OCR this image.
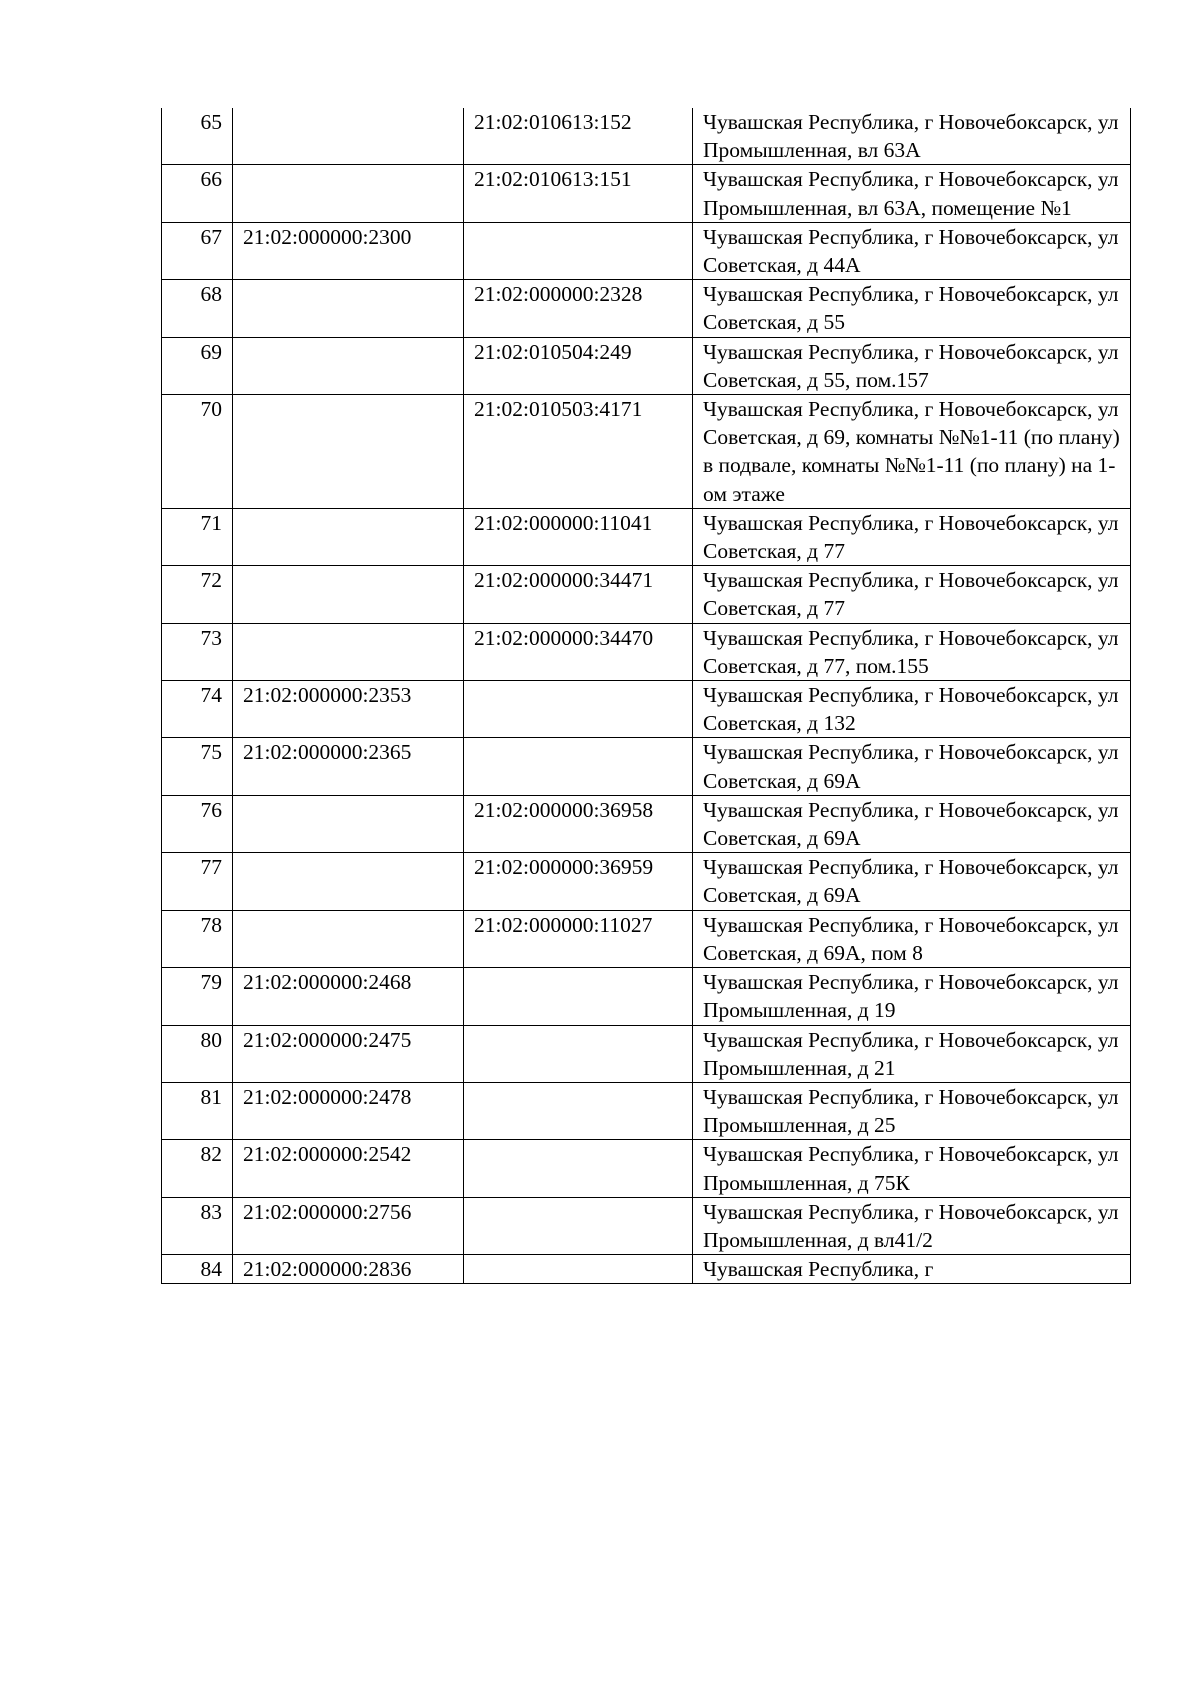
65		21:02:010613:152	Чувашская Республика, г Новочебоксарск, ул Промышленная, вл 63А
66		21:02:010613:151	Чувашская Республика, г Новочебоксарск, ул Промышленная, вл 63А, помещение №1
67	21:02:000000:2300		Чувашская Республика, г Новочебоксарск, ул Советская, д 44А
68		21:02:000000:2328	Чувашская Республика, г Новочебоксарск, ул Советская, д 55
69		21:02:010504:249	Чувашская Республика, г Новочебоксарск, ул Советская, д 55, пом.157
70		21:02:010503:4171	Чувашская Республика, г Новочебоксарск, ул Советская, д 69, комнаты №№1-11 (по плану) в подвале, комнаты №№1-11 (по плану) на 1-ом этаже
71		21:02:000000:11041	Чувашская Республика, г Новочебоксарск, ул Советская, д 77
72		21:02:000000:34471	Чувашская Республика, г Новочебоксарск, ул Советская, д 77
73		21:02:000000:34470	Чувашская Республика, г Новочебоксарск, ул Советская, д 77, пом.155
74	21:02:000000:2353		Чувашская Республика, г Новочебоксарск, ул Советская, д 132
75	21:02:000000:2365		Чувашская Республика, г Новочебоксарск, ул Советская, д 69А
76		21:02:000000:36958	Чувашская Республика, г Новочебоксарск, ул Советская, д 69А
77		21:02:000000:36959	Чувашская Республика, г Новочебоксарск, ул Советская, д 69А
78		21:02:000000:11027	Чувашская Республика, г Новочебоксарск, ул Советская, д 69А, пом 8
79	21:02:000000:2468		Чувашская Республика, г Новочебоксарск, ул Промышленная, д 19
80	21:02:000000:2475		Чувашская Республика, г Новочебоксарск, ул Промышленная, д 21
81	21:02:000000:2478		Чувашская Республика, г Новочебоксарск, ул Промышленная, д 25
82	21:02:000000:2542		Чувашская Республика, г Новочебоксарск, ул Промышленная, д 75К
83	21:02:000000:2756		Чувашская Республика, г Новочебоксарск, ул Промышленная, д вл41/2
84	21:02:000000:2836		Чувашская Республика, г
